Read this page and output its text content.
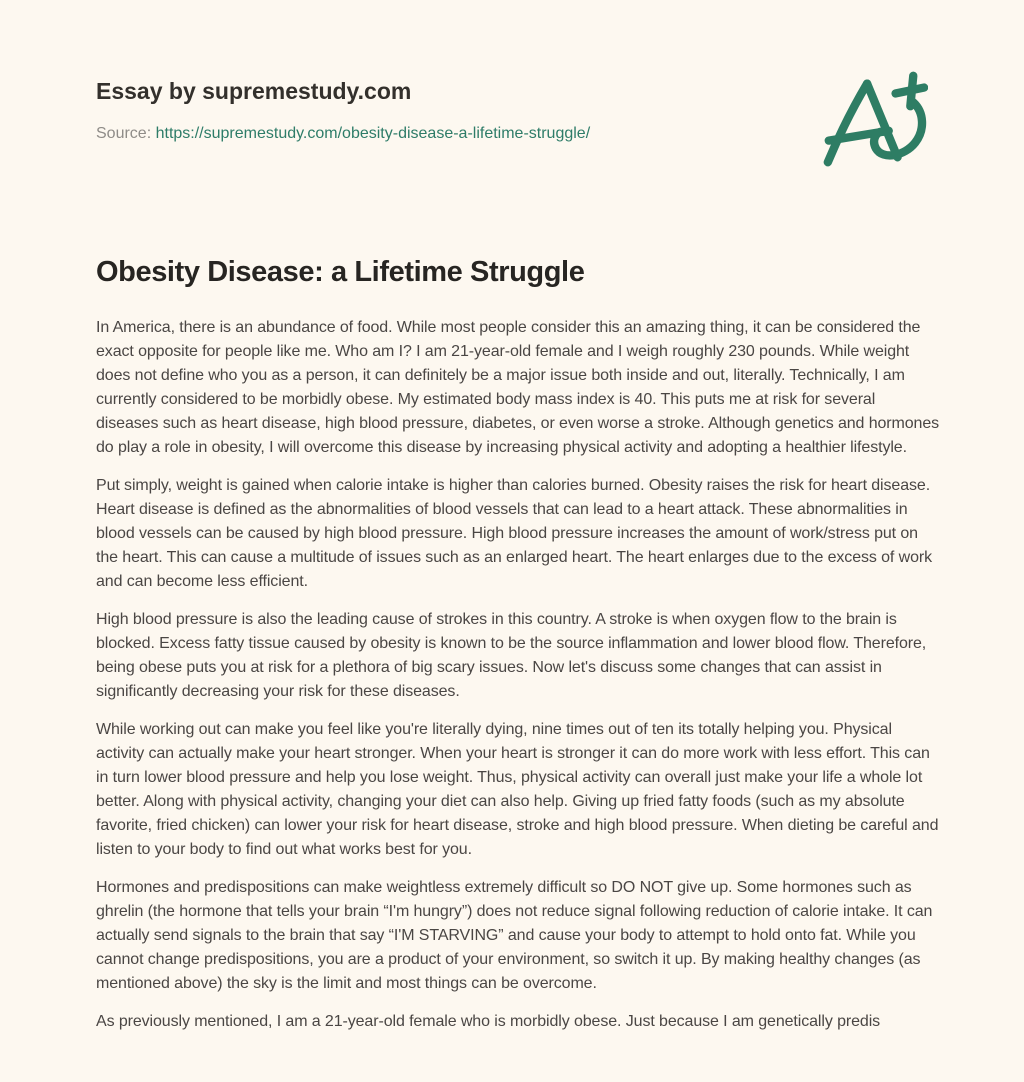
Essay by supremestudy.com

Source: https://supremestudy.com/obesity-disease-a-lifetime-struggle/

Obesity Disease: a Lifetime Struggle

In America, there is an abundance of food. While most people consider this an amazing thing, it can be considered the exact opposite for people like me. Who am I? I am 21-year-old female and I weigh roughly 230 pounds. While weight does not define who you as a person, it can definitely be a major issue both inside and out, literally. Technically, I am currently considered to be morbidly obese. My estimated body mass index is 40. This puts me at risk for several diseases such as heart disease, high blood pressure, diabetes, or even worse a stroke. Although genetics and hormones do play a role in obesity, I will overcome this disease by increasing physical activity and adopting a healthier lifestyle.

Put simply, weight is gained when calorie intake is higher than calories burned. Obesity raises the risk for heart disease. Heart disease is defined as the abnormalities of blood vessels that can lead to a heart attack. These abnormalities in blood vessels can be caused by high blood pressure. High blood pressure increases the amount of work/stress put on the heart. This can cause a multitude of issues such as an enlarged heart. The heart enlarges due to the excess of work and can become less efficient.

High blood pressure is also the leading cause of strokes in this country. A stroke is when oxygen flow to the brain is blocked. Excess fatty tissue caused by obesity is known to be the source inflammation and lower blood flow. Therefore, being obese puts you at risk for a plethora of big scary issues. Now let's discuss some changes that can assist in significantly decreasing your risk for these diseases.

While working out can make you feel like you're literally dying, nine times out of ten its totally helping you. Physical activity can actually make your heart stronger. When your heart is stronger it can do more work with less effort. This can in turn lower blood pressure and help you lose weight. Thus, physical activity can overall just make your life a whole lot better. Along with physical activity, changing your diet can also help. Giving up fried fatty foods (such as my absolute favorite, fried chicken) can lower your risk for heart disease, stroke and high blood pressure. When dieting be careful and listen to your body to find out what works best for you.

Hormones and predispositions can make weightless extremely difficult so DO NOT give up. Some hormones such as ghrelin (the hormone that tells your brain “I'm hungry”) does not reduce signal following reduction of calorie intake. It can actually send signals to the brain that say “I'M STARVING” and cause your body to attempt to hold onto fat. While you cannot change predispositions, you are a product of your environment, so switch it up. By making healthy changes (as mentioned above) the sky is the limit and most things can be overcome.

As previously mentioned, I am a 21-year-old female who is morbidly obese. Just because I am genetically predis
